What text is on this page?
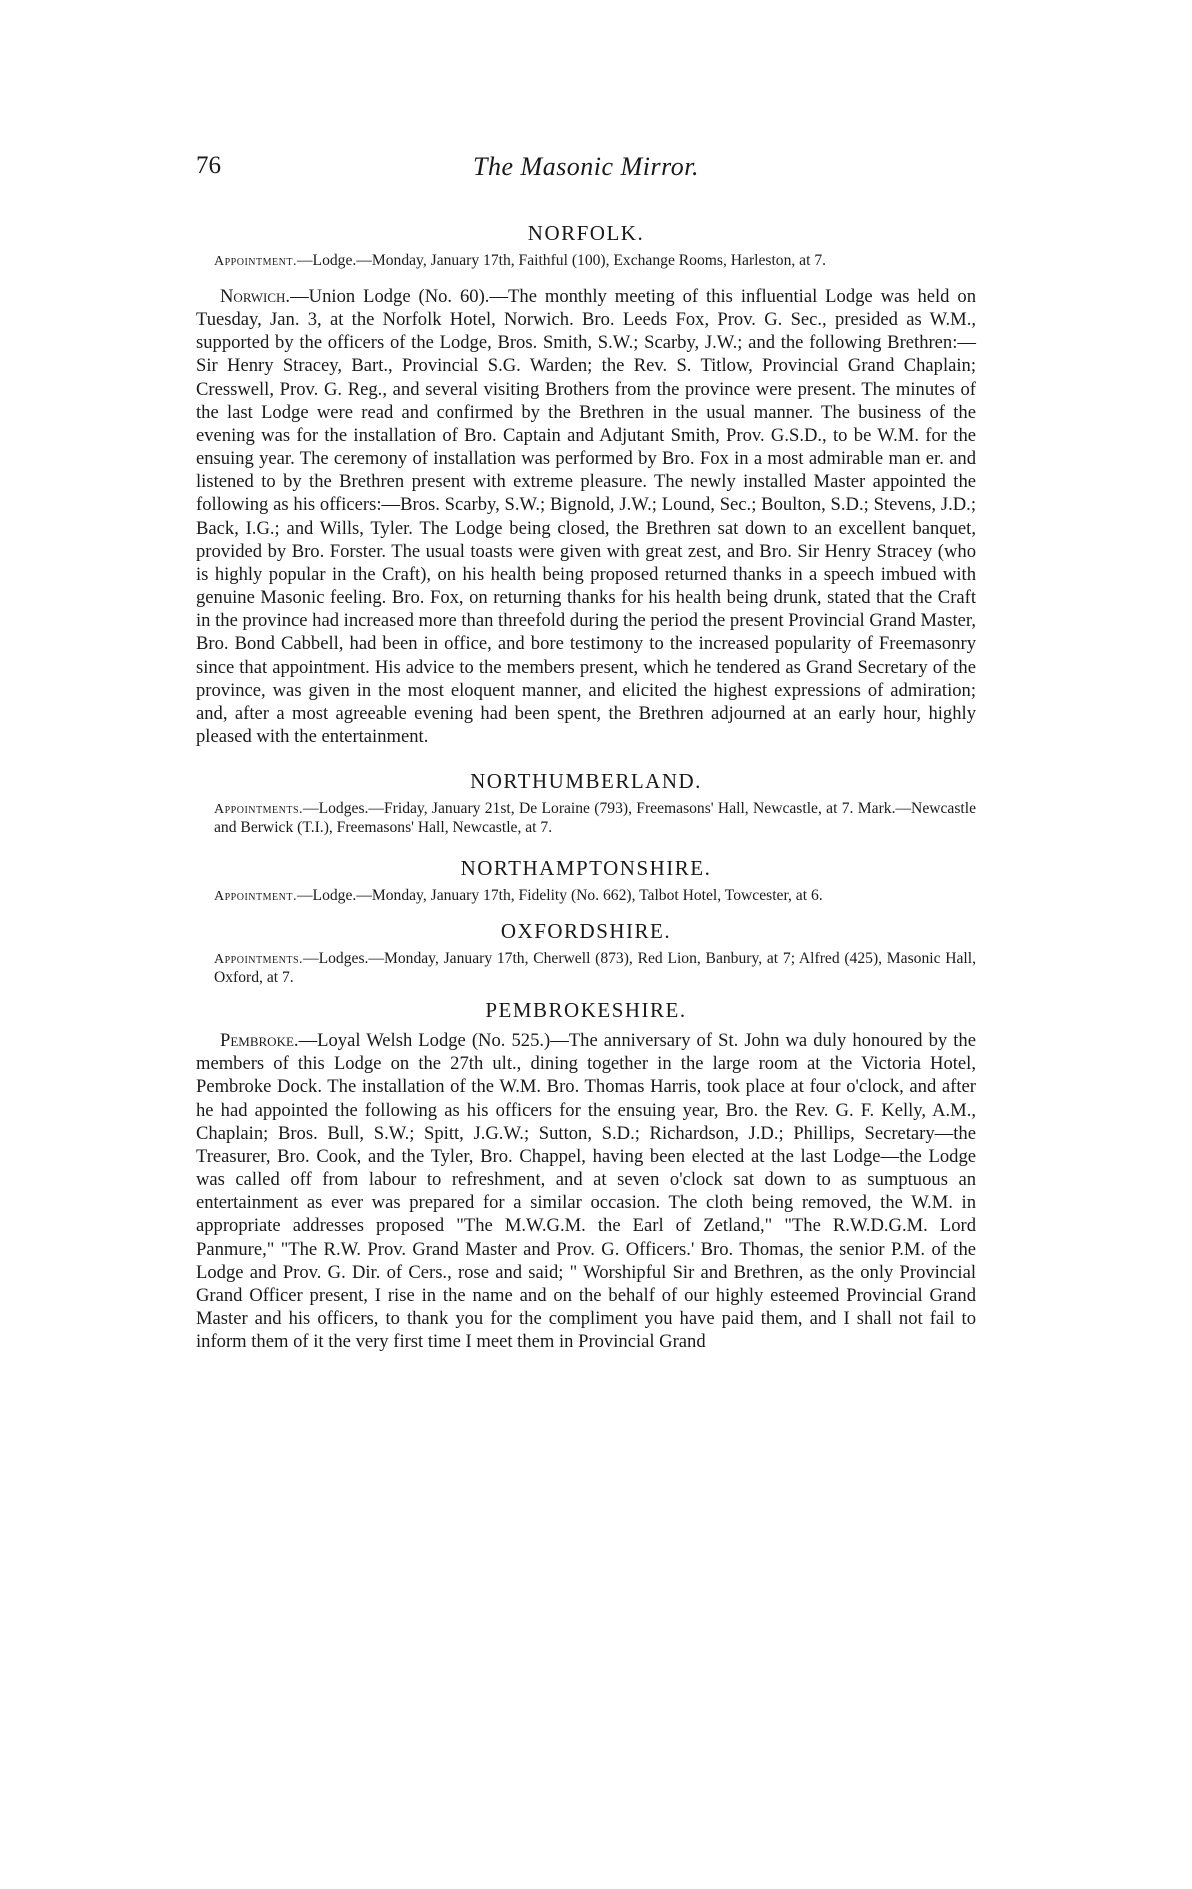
76	The Masonic Mirror.
NORFOLK.

Appointment.—Lodge.—Monday, January 17th, Faithful (100), Exchange Rooms, Harleston, at 7.

Norwich.—Union Lodge (No. 60).—The monthly meeting of this influential Lodge was held on Tuesday, Jan. 3, at the Norfolk Hotel, Norwich. Bro. Leeds Fox, Prov. G. Sec., presided as W.M., supported by the officers of the Lodge, Bros. Smith, S.W.; Scarby, J.W.; and the following Brethren:—Sir Henry Stracey, Bart., Provincial S.G. Warden; the Rev. S. Titlow, Provincial Grand Chaplain; Cresswell, Prov. G. Reg., and several visiting Brothers from the province were present. The minutes of the last Lodge were read and confirmed by the Brethren in the usual manner. The business of the evening was for the installation of Bro. Captain and Adjutant Smith, Prov. G.S.D., to be W.M. for the ensuing year. The ceremony of installation was performed by Bro. Fox in a most admirable man er. and listened to by the Brethren present with extreme pleasure. The newly installed Master appointed the following as his officers:—Bros. Scarby, S.W.; Bignold, J.W.; Lound, Sec.; Boulton, S.D.; Stevens, J.D.; Back, I.G.; and Wills, Tyler. The Lodge being closed, the Brethren sat down to an excellent banquet, provided by Bro. Forster. The usual toasts were given with great zest, and Bro. Sir Henry Stracey (who is highly popular in the Craft), on his health being proposed returned thanks in a speech imbued with genuine Masonic feeling. Bro. Fox, on returning thanks for his health being drunk, stated that the Craft in the province had increased more than threefold during the period the present Provincial Grand Master, Bro. Bond Cabbell, had been in office, and bore testimony to the increased popularity of Freemasonry since that appointment. His advice to the members present, which he tendered as Grand Secretary of the province, was given in the most eloquent manner, and elicited the highest expressions of admiration; and, after a most agreeable evening had been spent, the Brethren adjourned at an early hour, highly pleased with the entertainment.

NORTHUMBERLAND.

Appointments.—Lodges.—Friday, January 21st, De Loraine (793), Freemasons' Hall, Newcastle, at 7. Mark.—Newcastle and Berwick (T.I.), Freemasons' Hall, Newcastle, at 7.

NORTHAMPTONSHIRE.

Appointment.—Lodge.—Monday, January 17th, Fidelity (No. 662), Talbot Hotel, Towcester, at 6.

OXFORDSHIRE.

Appointments.—Lodges.—Monday, January 17th, Cherwell (873), Red Lion, Banbury, at 7; Alfred (425), Masonic Hall, Oxford, at 7.

PEMBROKESHIRE.

Pembroke.—Loyal Welsh Lodge (No. 525.)—The anniversary of St. John wa duly honoured by the members of this Lodge on the 27th ult., dining together in the large room at the Victoria Hotel, Pembroke Dock. The installation of the W.M. Bro. Thomas Harris, took place at four o'clock, and after he had appointed the following as his officers for the ensuing year, Bro. the Rev. G. F. Kelly, A.M., Chaplain; Bros. Bull, S.W.; Spitt, J.G.W.; Sutton, S.D.; Richardson, J.D.; Phillips, Secretary—the Treasurer, Bro. Cook, and the Tyler, Bro. Chappel, having been elected at the last Lodge—the Lodge was called off from labour to refreshment, and at seven o'clock sat down to as sumptuous an entertainment as ever was prepared for a similar occasion. The cloth being removed, the W.M. in appropriate addresses proposed "The M.W.G.M. the Earl of Zetland," "The R.W.D.G.M. Lord Panmure," "The R.W. Prov. Grand Master and Prov. G. Officers.' Bro. Thomas, the senior P.M. of the Lodge and Prov. G. Dir. of Cers., rose and said; " Worshipful Sir and Brethren, as the only Provincial Grand Officer present, I rise in the name and on the behalf of our highly esteemed Provincial Grand Master and his officers, to thank you for the compliment you have paid them, and I shall not fail to inform them of it the very first time I meet them in Provincial Grand
